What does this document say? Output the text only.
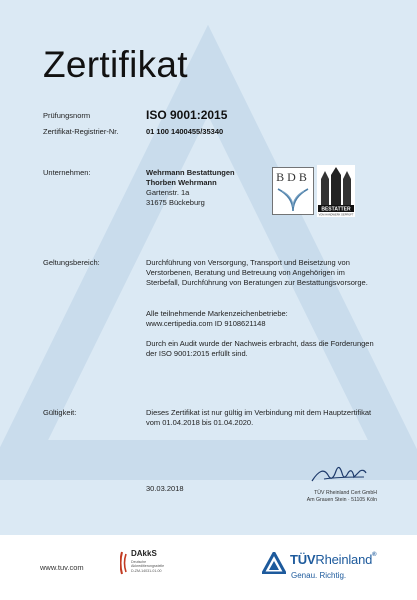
Zertifikat
Prüfungsnorm	ISO 9001:2015
Zertifikat-Registrier-Nr.	01 100 1400455/35340
Unternehmen:	Wehrmann Bestattungen
Thorben Wehrmann
Gartenstr. 1a
31675 Bückeburg
BDB
BESTATTER
VOM HANDWERK GEPRÜFT
Geltungsbereich:	Durchführung von Versorgung, Transport und Beisetzung von Verstorbenen, Beratung und Betreuung von Angehörigen im Sterbefall, Durchführung von Beratungen zur Bestattungsvorsorge.
Alle teilnehmende Markenzeichenbetriebe:
www.certipedia.com ID 9108621148
Durch ein Audit wurde der Nachweis erbracht, dass die Forderungen der ISO 9001:2015 erfüllt sind.
Gültigkeit:	Dieses Zertifikat ist nur gültig im Verbindung mit dem Hauptzertifikat vom 01.04.2018 bis 01.04.2020.
30.03.2018	TÜV Rheinland Cert GmbH
Am Grauen Stein · 51105 Köln
www.tuv.com
DAkkS
Deutsche
Akkreditierungsstelle
D-ZM-14031-01-00
TÜVRheinland®
Genau. Richtig.
